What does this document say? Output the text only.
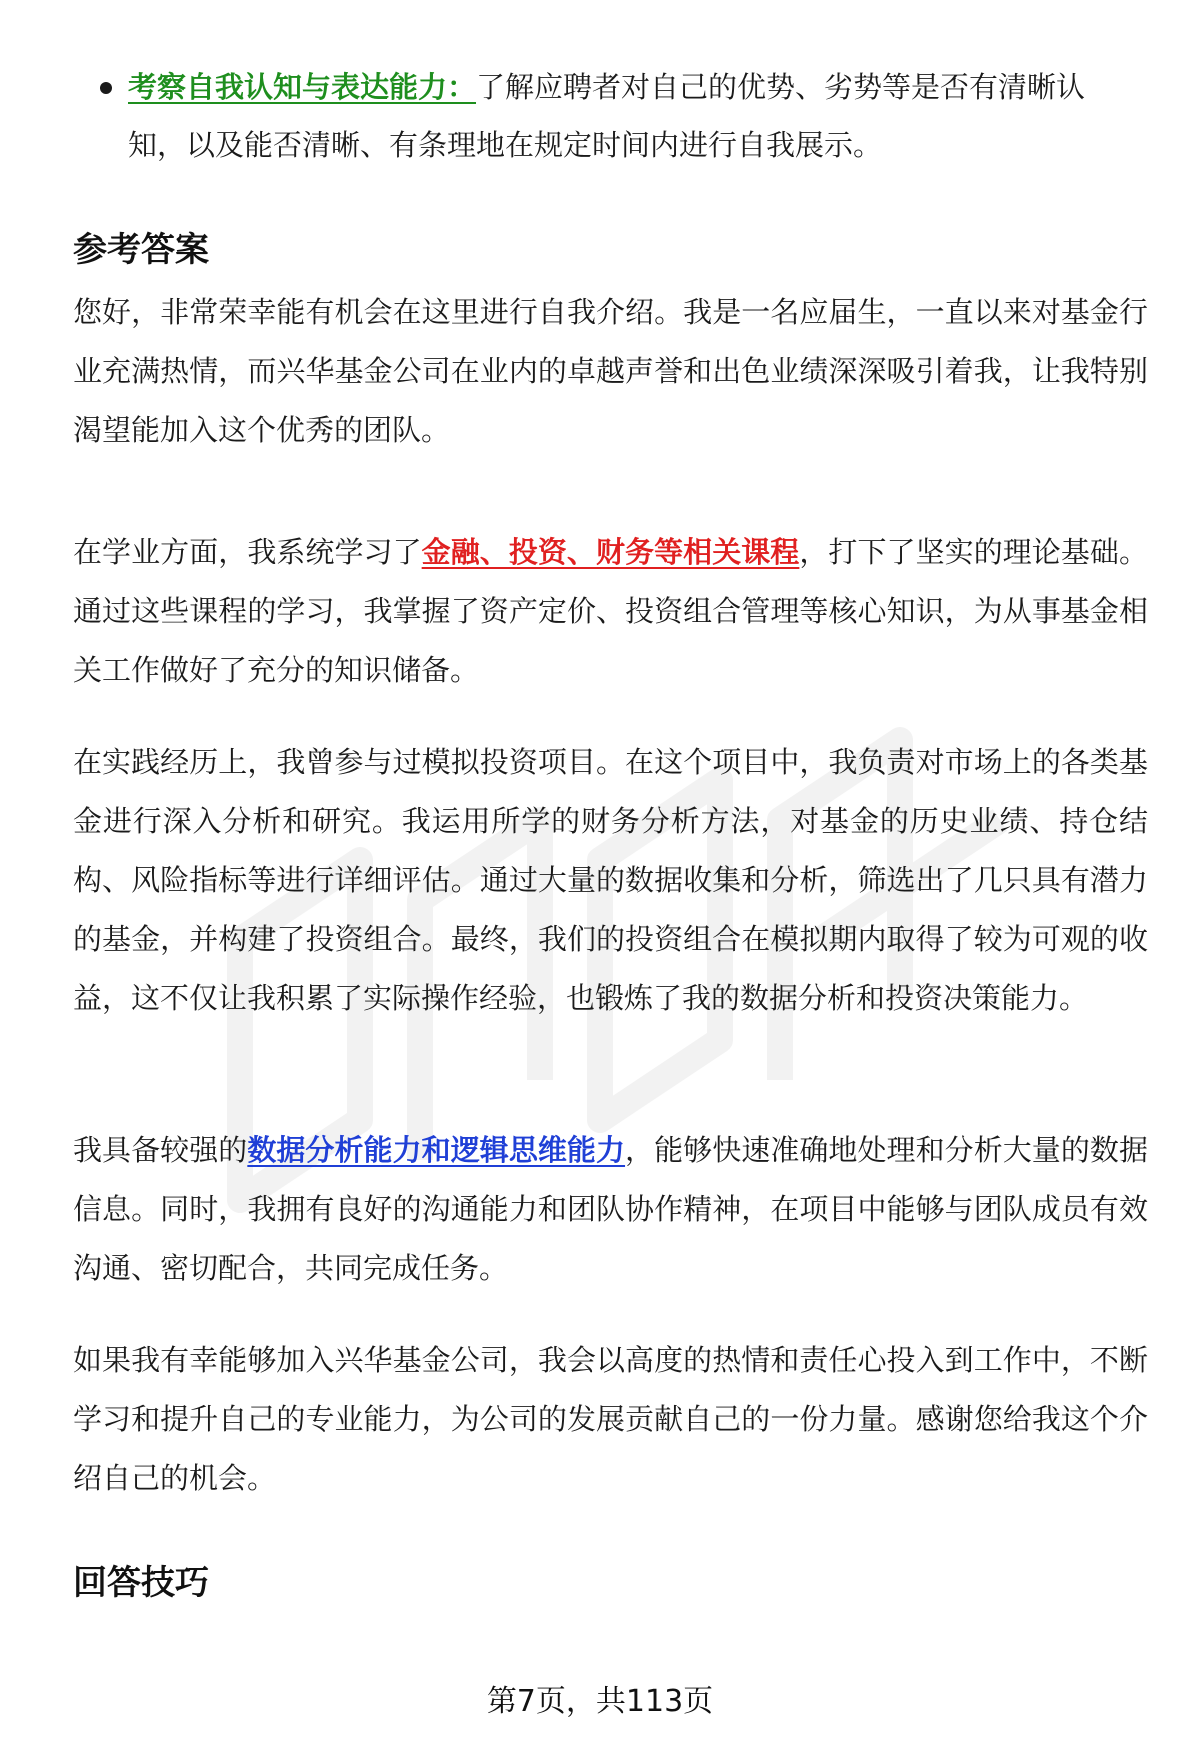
考察自我认知与表达能力：了解应聘者对自己的优势、劣势等是否有清晰认知，以及能否清晰、有条理地在规定时间内进行自我展示。
参考答案

您好，非常荣幸能有机会在这里进行自我介绍。我是一名应届生，一直以来对基金行业充满热情，而兴华基金公司在业内的卓越声誉和出色业绩深深吸引着我，让我特别渴望能加入这个优秀的团队。

在学业方面，我系统学习了金融、投资、财务等相关课程，打下了坚实的理论基础。通过这些课程的学习，我掌握了资产定价、投资组合管理等核心知识，为从事基金相关工作做好了充分的知识储备。

在实践经历上，我曾参与过模拟投资项目。在这个项目中，我负责对市场上的各类基金进行深入分析和研究。我运用所学的财务分析方法，对基金的历史业绩、持仓结构、风险指标等进行详细评估。通过大量的数据收集和分析，筛选出了几只具有潜力的基金，并构建了投资组合。最终，我们的投资组合在模拟期内取得了较为可观的收益，这不仅让我积累了实际操作经验，也锻炼了我的数据分析和投资决策能力。

我具备较强的数据分析能力和逻辑思维能力，能够快速准确地处理和分析大量的数据信息。同时，我拥有良好的沟通能力和团队协作精神，在项目中能够与团队成员有效沟通、密切配合，共同完成任务。

如果我有幸能够加入兴华基金公司，我会以高度的热情和责任心投入到工作中，不断学习和提升自己的专业能力，为公司的发展贡献自己的一份力量。感谢您给我这个介绍自己的机会。

回答技巧
第7页，共113页
